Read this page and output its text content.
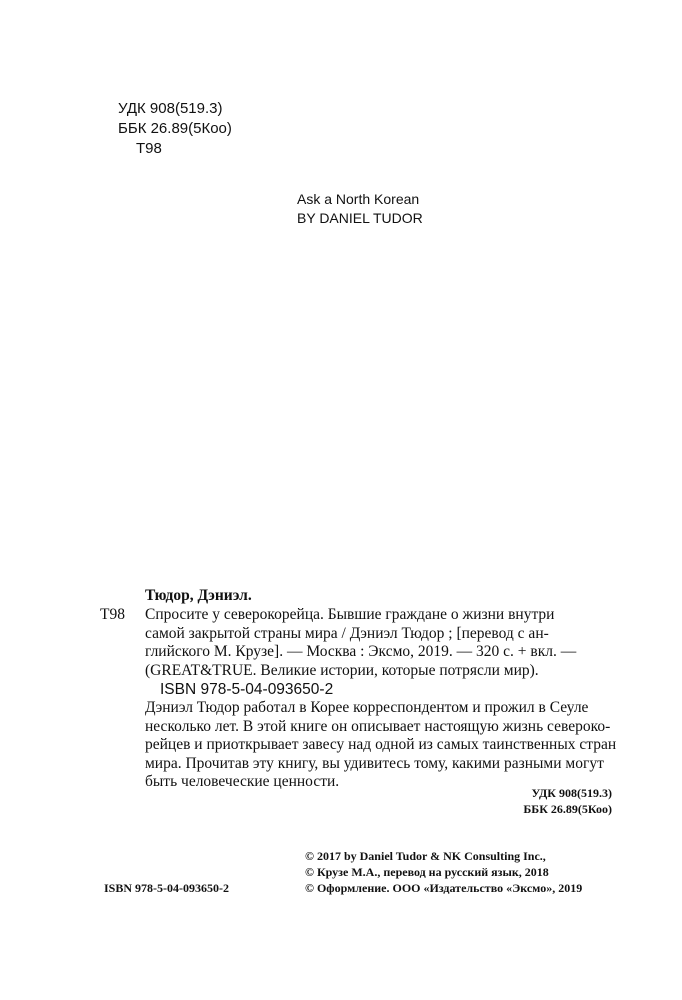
УДК 908(519.3)
ББК 26.89(5Коо)
Т98
Ask a North Korean
BY DANIEL TUDOR
Тюдор, Дэниэл.
Т98 Спросите у северокорейца. Бывшие граждане о жизни внутри
самой закрытой страны мира / Дэниэл Тюдор ; [перевод с ан-
глийского М. Крузе]. — Москва : Эксмо, 2019. — 320 с. + вкл. —
(GREAT&TRUE. Великие истории, которые потрясли мир).
ISBN 978-5-04-093650-2
Дэниэл Тюдор работал в Корее корреспондентом и прожил в Сеуле
несколько лет. В этой книге он описывает настоящую жизнь североко-
рейцев и приоткрывает завесу над одной из самых таинственных стран
мира. Прочитав эту книгу, вы удивитесь тому, какими разными могут
быть человеческие ценности.
УДК 908(519.3)
ББК 26.89(5Коо)
© 2017 by Daniel Tudor & NK Consulting Inc.,
© Крузе М.А., перевод на русский язык, 2018
© Оформление. ООО «Издательство «Эксмо», 2019
ISBN 978-5-04-093650-2
